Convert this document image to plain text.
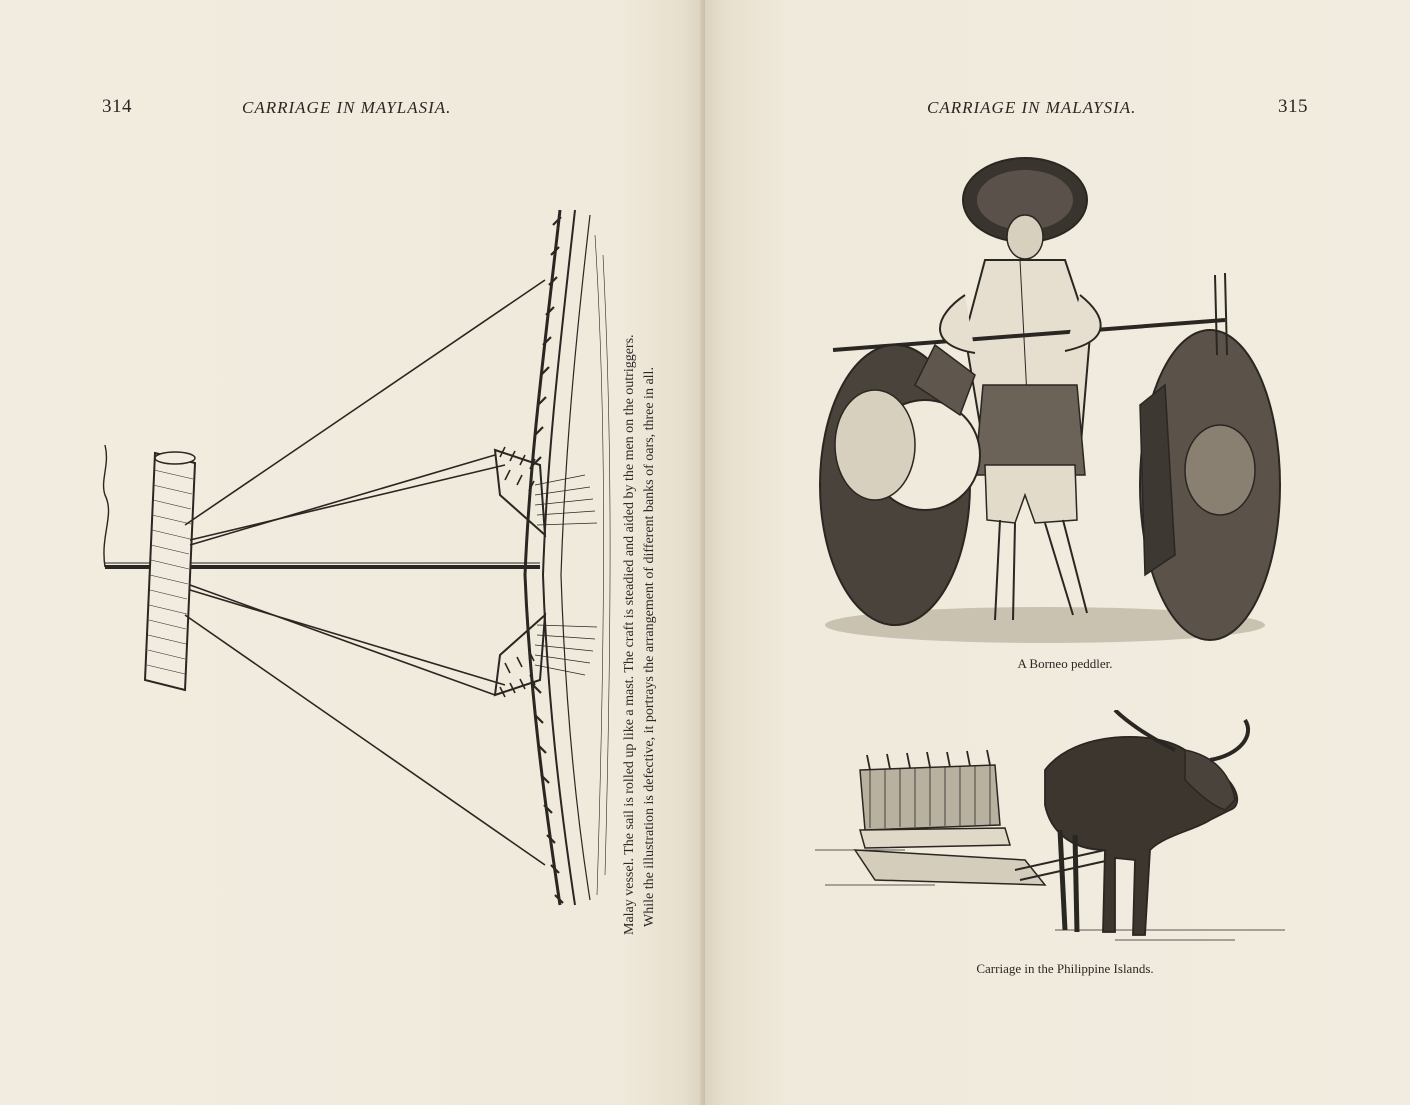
314	CARRIAGE IN MAYLASIA.
Malay vessel. The sail is rolled up like a mast. The craft is steadied and aided by the men on the outriggers. While the illustration is defective, it portrays the arrangement of different banks of oars, three in all.
CARRIAGE IN MALAYSIA.	315
A Borneo peddler.
Carriage in the Philippine Islands.
